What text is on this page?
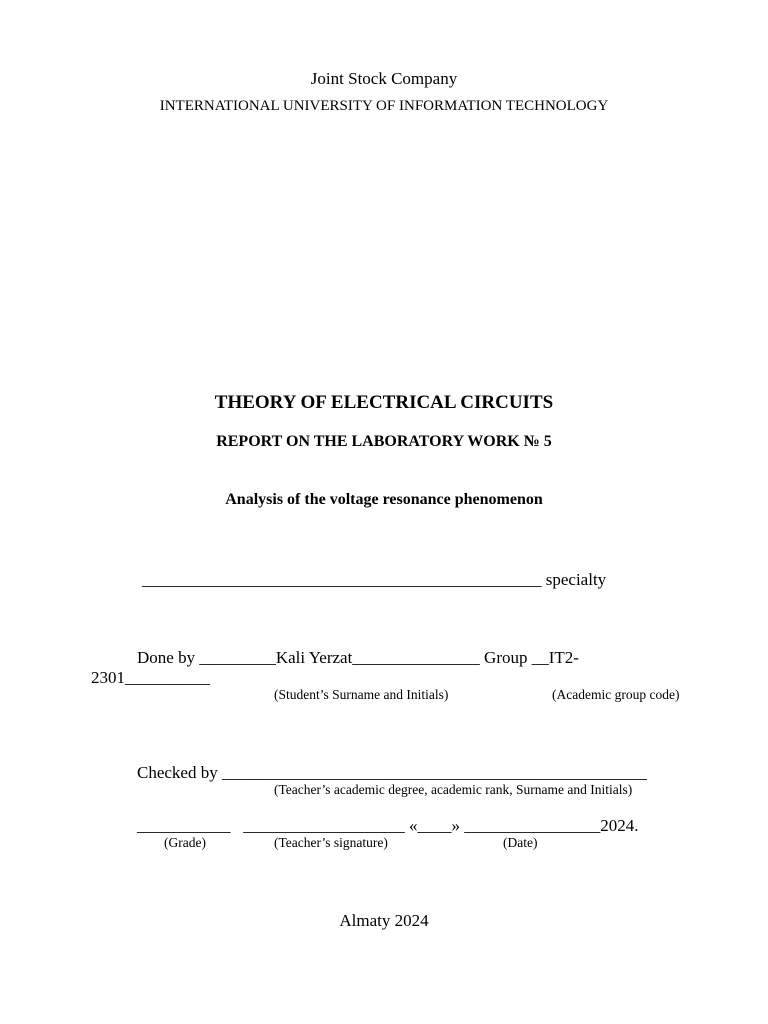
Joint Stock Company
INTERNATIONAL UNIVERSITY OF INFORMATION TECHNOLOGY
THEORY OF ELECTRICAL CIRCUITS
REPORT ON THE LABORATORY WORK № 5
Analysis of the voltage resonance phenomenon
_______________________________________________ specialty
Done by _________Kali Yerzat_______________ Group __IT2-
2301__________
(Student’s Surname and Initials)	(Academic group code)
Checked by __________________________________________________
(Teacher’s academic degree, academic rank, Surname and Initials)
___________   ___________________ «____» ________________2024.
(Grade)	(Teacher’s signature)	(Date)
Almaty 2024
